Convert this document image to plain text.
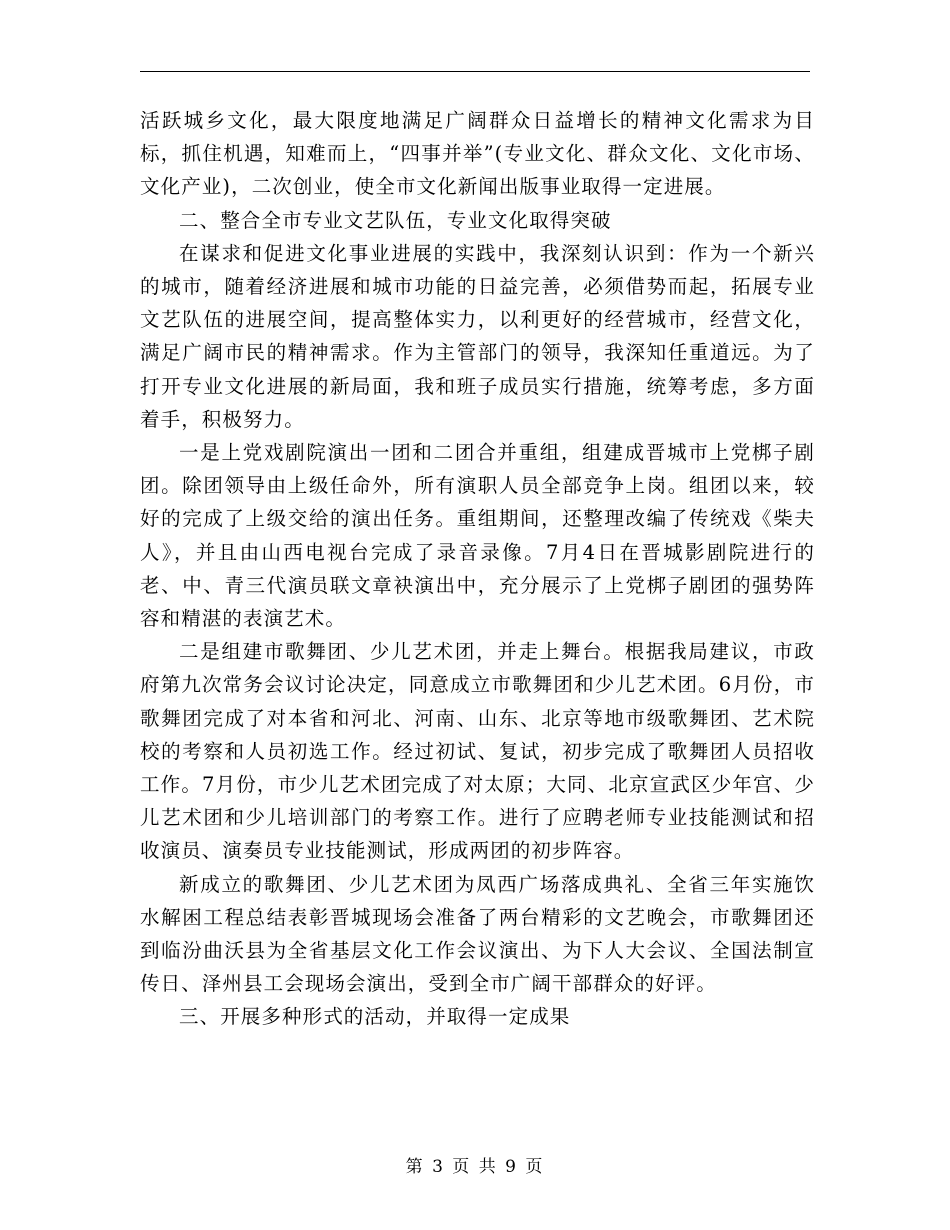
活跃城乡文化，最大限度地满足广阔群众日益增长的精神文化需求为目标，抓住机遇，知难而上，“四事并举”(专业文化、群众文化、文化市场、文化产业)，二次创业，使全市文化新闻出版事业取得一定进展。

二、整合全市专业文艺队伍，专业文化取得突破

在谋求和促进文化事业进展的实践中，我深刻认识到：作为一个新兴的城市，随着经济进展和城市功能的日益完善，必须借势而起，拓展专业文艺队伍的进展空间，提高整体实力，以利更好的经营城市，经营文化，满足广阔市民的精神需求。作为主管部门的领导，我深知任重道远。为了打开专业文化进展的新局面，我和班子成员实行措施，统筹考虑，多方面着手，积极努力。

一是上党戏剧院演出一团和二团合并重组，组建成晋城市上党梆子剧团。除团领导由上级任命外，所有演职人员全部竞争上岗。组团以来，较好的完成了上级交给的演出任务。重组期间，还整理改编了传统戏《柴夫人》，并且由山西电视台完成了录音录像。7月4日在晋城影剧院进行的老、中、青三代演员联文章袂演出中，充分展示了上党梆子剧团的强势阵容和精湛的表演艺术。

二是组建市歌舞团、少儿艺术团，并走上舞台。根据我局建议，市政府第九次常务会议讨论决定，同意成立市歌舞团和少儿艺术团。6月份，市歌舞团完成了对本省和河北、河南、山东、北京等地市级歌舞团、艺术院校的考察和人员初选工作。经过初试、复试，初步完成了歌舞团人员招收工作。7月份，市少儿艺术团完成了对太原；大同、北京宣武区少年宫、少儿艺术团和少儿培训部门的考察工作。进行了应聘老师专业技能测试和招收演员、演奏员专业技能测试，形成两团的初步阵容。

新成立的歌舞团、少儿艺术团为凤西广场落成典礼、全省三年实施饮水解困工程总结表彰晋城现场会准备了两台精彩的文艺晚会，市歌舞团还到临汾曲沃县为全省基层文化工作会议演出、为下人大会议、全国法制宣传日、泽州县工会现场会演出，受到全市广阔干部群众的好评。

三、开展多种形式的活动，并取得一定成果

第 3 页 共 9 页
